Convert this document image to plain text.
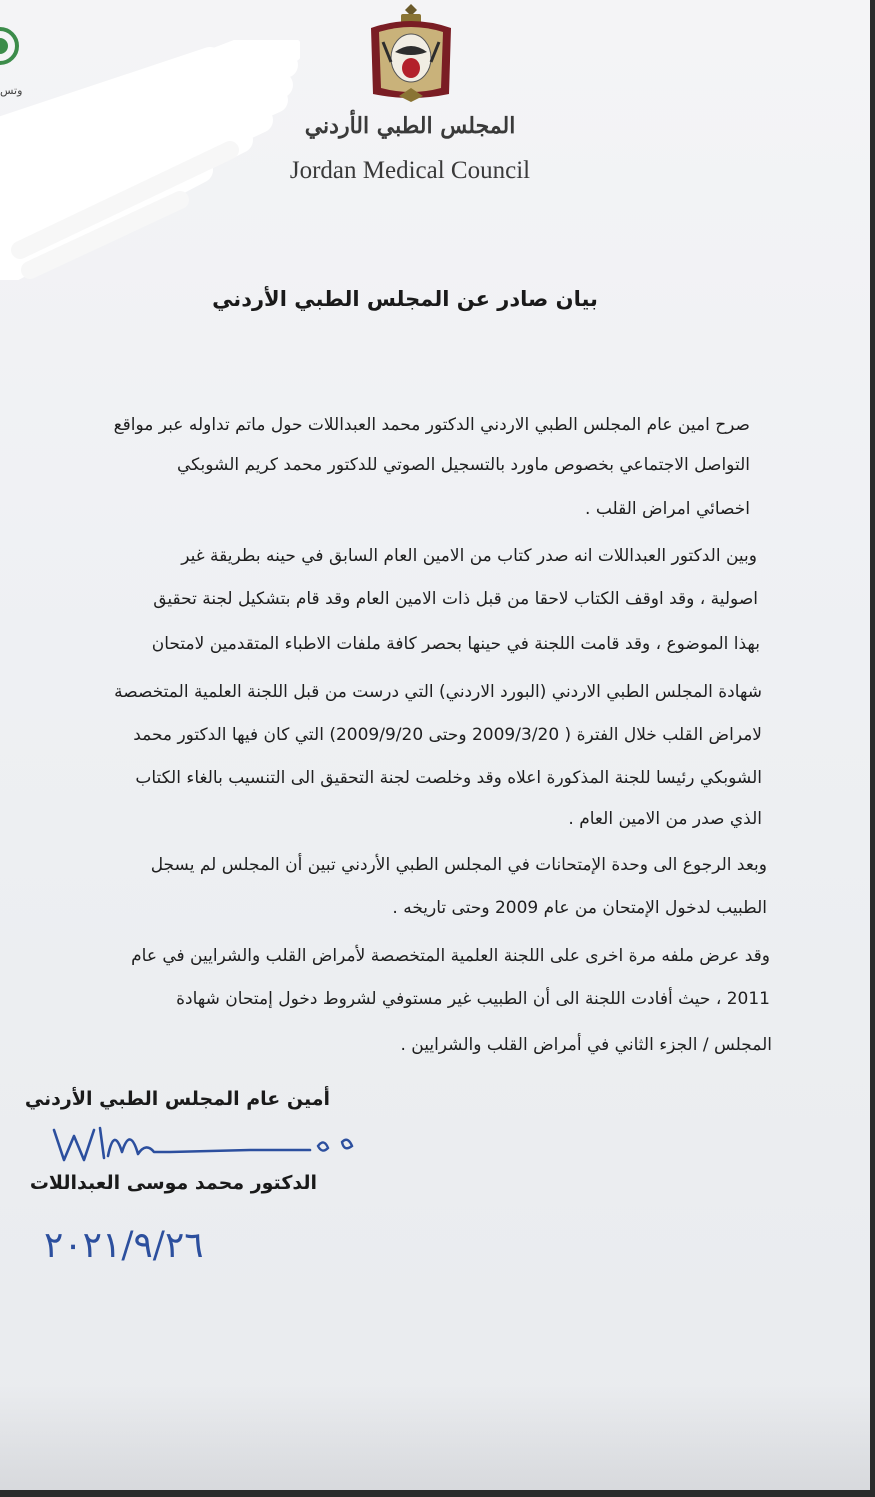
وتس
المجلس الطبي الأردني
Jordan Medical Council
بيان صادر عن المجلس الطبي الأردني
صرح امين عام المجلس الطبي الاردني الدكتور محمد العبداللات حول ماتم تداوله عبر مواقع
التواصل الاجتماعي بخصوص ماورد بالتسجيل الصوتي للدكتور محمد كريم الشوبكي
اخصائي امراض القلب .
وبين الدكتور العبداللات انه صدر كتاب من الامين العام السابق في حينه بطريقة غير
اصولية ، وقد اوقف الكتاب لاحقا من قبل ذات الامين العام وقد قام بتشكيل لجنة تحقيق
بهذا الموضوع ، وقد قامت اللجنة في حينها بحصر كافة ملفات الاطباء المتقدمين لامتحان
شهادة المجلس الطبي الاردني (البورد الاردني) التي درست من قبل اللجنة العلمية المتخصصة
لامراض القلب خلال الفترة ( 2009/3/20 وحتى 2009/9/20) التي كان فيها الدكتور محمد
الشوبكي رئيسا للجنة المذكورة اعلاه وقد وخلصت لجنة التحقيق الى التنسيب بالغاء الكتاب
الذي صدر من الامين العام .
وبعد الرجوع الى وحدة الإمتحانات في المجلس الطبي الأردني تبين أن المجلس لم يسجل
الطبيب لدخول الإمتحان من عام 2009 وحتى تاريخه .
وقد عرض ملفه مرة اخرى على اللجنة العلمية المتخصصة لأمراض القلب والشرايين في عام
2011 ، حيث أفادت اللجنة الى أن الطبيب غير مستوفي لشروط دخول إمتحان شهادة
المجلس / الجزء الثاني في أمراض القلب والشرايين .
أمين عام المجلس الطبي الأردني
الدكتور محمد موسى العبداللات
٢٠٢١/٩/٢٦
